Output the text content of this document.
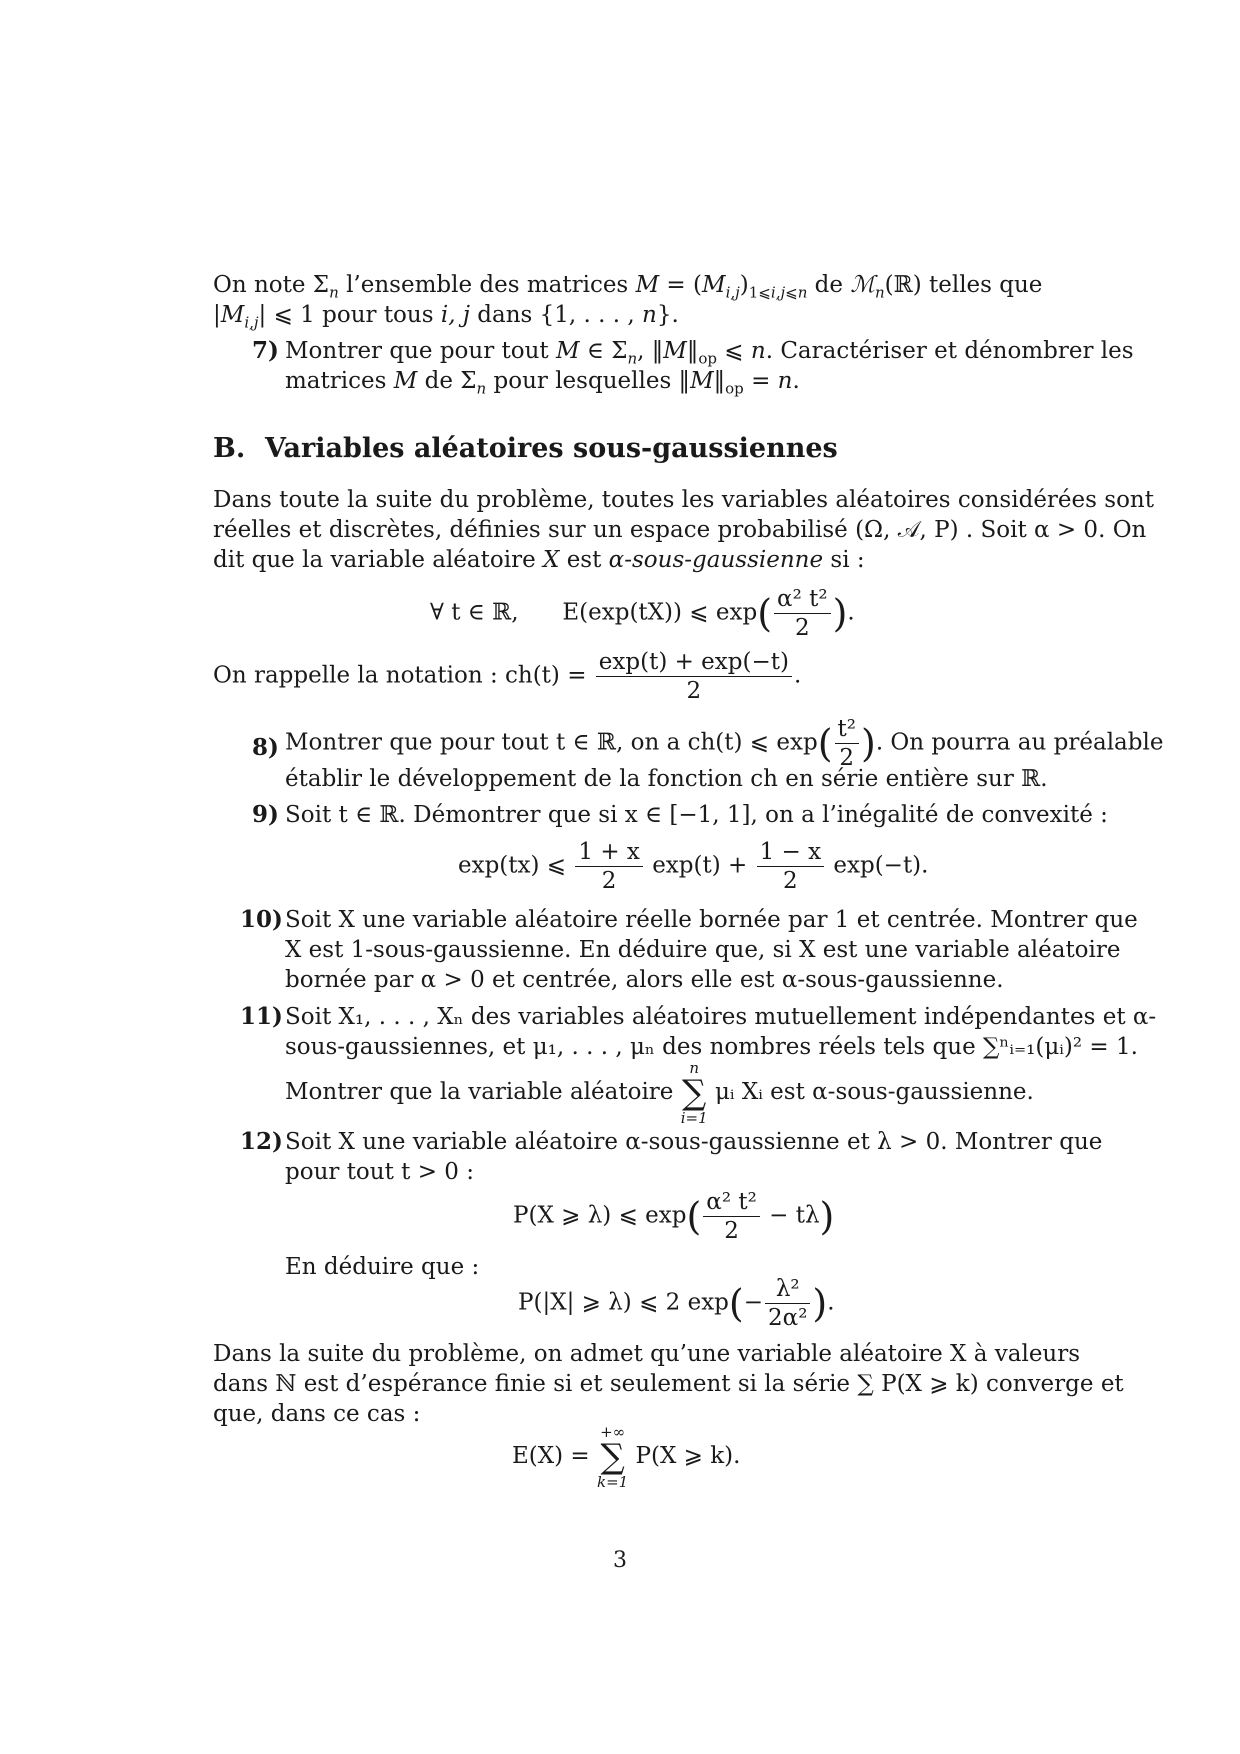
On note $\Sigma_n$ l’ensemble des matrices $M = (M_{i,j})_{1⩽i,j⩽n}$ de ℳ$_n$(ℝ) telles que
$|M_{i,j}|$ ⩽ 1 pour tous i, j dans {1, . . . , n}.
7) Montrer que pour tout M ∈ $\Sigma_n$, $‖M‖_{op}$ ⩽ n. Caractériser et dénombrer les
matrices M de $\Sigma_n$ pour lesquelles $‖M‖_{op} = n$.
B. Variables aléatoires sous-gaussiennes
Dans toute la suite du problème, toutes les variables aléatoires considérées sont
réelles et discrètes, définies sur un espace probabilisé (Ω, 𝒜, P) . Soit α > 0. On
dit que la variable aléatoire X est α-sous-gaussienne si :
∀ t ∈ ℝ, E(exp(tX)) ⩽ $\exp( \frac{\text{α² t²}}{2}$ ).
On rappelle la notation : $ch(t) = \frac{\exp(t) + \exp(-t)}{2}$ .
8) Montrer que pour tout t ∈ ℝ, on a ch(t) ⩽ $\exp( \frac{\text{t²}}{2}$ ). On pourra au préalable
établir le développement de la fonction ch en série entière sur ℝ.
9) Soit t ∈ ℝ. Démontrer que si x ∈ [−1, 1], on a l’inégalité de convexité :
exp(tx) ⩽ $\frac{1 + x}{2} \exp(t) + \frac{1 - x}{2} \exp(-t)$.
10) Soit X une variable aléatoire réelle bornée par 1 et centrée. Montrer que
X est 1-sous-gaussienne. En déduire que, si X est une variable aléatoire
bornée par α > 0 et centrée, alors elle est α-sous-gaussienne.
11) Soit X₁, . . . , Xₙ des variables aléatoires mutuellement indépendantes et α-
sous-gaussiennes, et μ₁, . . . , μₙ des nombres réels tels que ∑ⁿᵢ₌₁(μᵢ)² = 1.
Montrer que la variable aléatoire
n
∑
i=1
μᵢ Xᵢ est α-sous-gaussienne.
12) Soit X une variable aléatoire α-sous-gaussienne et λ > 0. Montrer que
pour tout t > 0 :
P(X ⩾ λ) ⩽ $\exp( \frac{\text{α² t²}}{2} - t\lambda)$
En déduire que :
P(|X| ⩾ λ) ⩽ 2 $\exp(- \frac{\text{λ²}}{\text{2α²}}$ ).
Dans la suite du problème, on admet qu’une variable aléatoire X à valeurs
dans ℕ est d’espérance finie si et seulement si la série ∑ P(X ⩾ k) converge et
que, dans ce cas :
E(X) =
+∞
∑
k=1
P(X ⩾ k).
3
